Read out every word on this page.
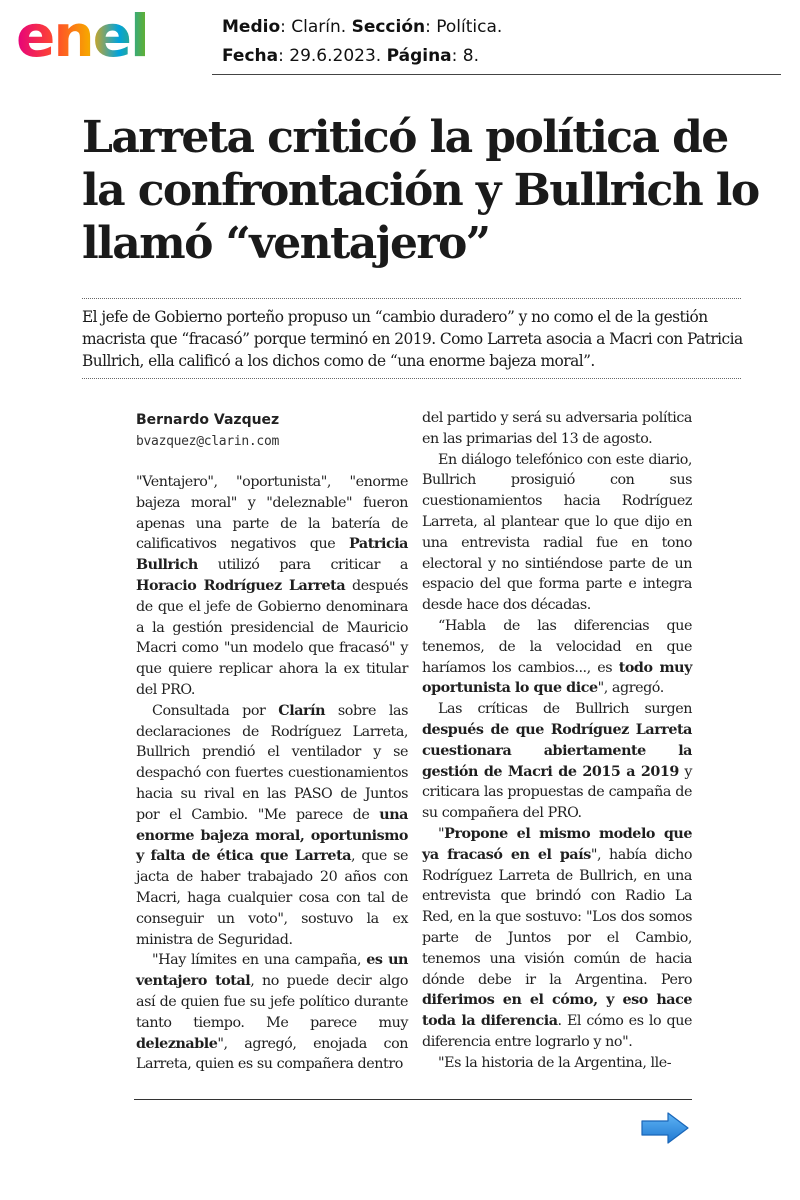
enel	Medio: Clarín. Sección: Política.
Fecha: 29.6.2023. Página: 8.
Larreta criticó la política de la confrontación y Bullrich lo llamó “ventajero”

El jefe de Gobierno porteño propuso un “cambio duradero” y no como el de la gestión macrista que “fracasó” porque terminó en 2019. Como Larreta asocia a Macri con Patricia Bullrich, ella calificó a los dichos como de “una enorme bajeza moral”.

Bernardo Vazquez
bvazquez@clarin.com

"Ventajero", "oportunista", "enorme bajeza moral" y "deleznable" fueron apenas una parte de la batería de calificativos negativos que Patricia Bullrich utilizó para criticar a Horacio Rodríguez Larreta después de que el jefe de Gobierno denominara a la gestión presidencial de Mauricio Macri como "un modelo que fracasó" y que quiere replicar ahora la ex titular del PRO.

Consultada por Clarín sobre las declaraciones de Rodríguez Larreta, Bullrich prendió el ventilador y se despachó con fuertes cuestionamientos hacia su rival en las PASO de Juntos por el Cambio. "Me parece de una enorme bajeza moral, oportunismo y falta de ética que Larreta, que se jacta de haber trabajado 20 años con Macri, haga cualquier cosa con tal de conseguir un voto", sostuvo la ex ministra de Seguridad.

"Hay límites en una campaña, es un ventajero total, no puede decir algo así de quien fue su jefe político durante tanto tiempo. Me parece muy deleznable", agregó, enojada con Larreta, quien es su compañera dentro

del partido y será su adversaria política en las primarias del 13 de agosto.

En diálogo telefónico con este diario, Bullrich prosiguió con sus cuestionamientos hacia Rodríguez Larreta, al plantear que lo que dijo en una entrevista radial fue en tono electoral y no sintiéndose parte de un espacio del que forma parte e integra desde hace dos décadas.

“Habla de las diferencias que tenemos, de la velocidad en que haríamos los cambios..., es todo muy oportunista lo que dice", agregó.

Las críticas de Bullrich surgen después de que Rodríguez Larreta cuestionara abiertamente la gestión de Macri de 2015 a 2019 y criticara las propuestas de campaña de su compañera del PRO.

"Propone el mismo modelo que ya fracasó en el país", había dicho Rodríguez Larreta de Bullrich, en una entrevista que brindó con Radio La Red, en la que sostuvo: "Los dos somos parte de Juntos por el Cambio, tenemos una visión común de hacia dónde debe ir la Argentina. Pero diferimos en el cómo, y eso hace toda la diferencia. El cómo es lo que diferencia entre lograrlo y no".

"Es la historia de la Argentina, lle-
